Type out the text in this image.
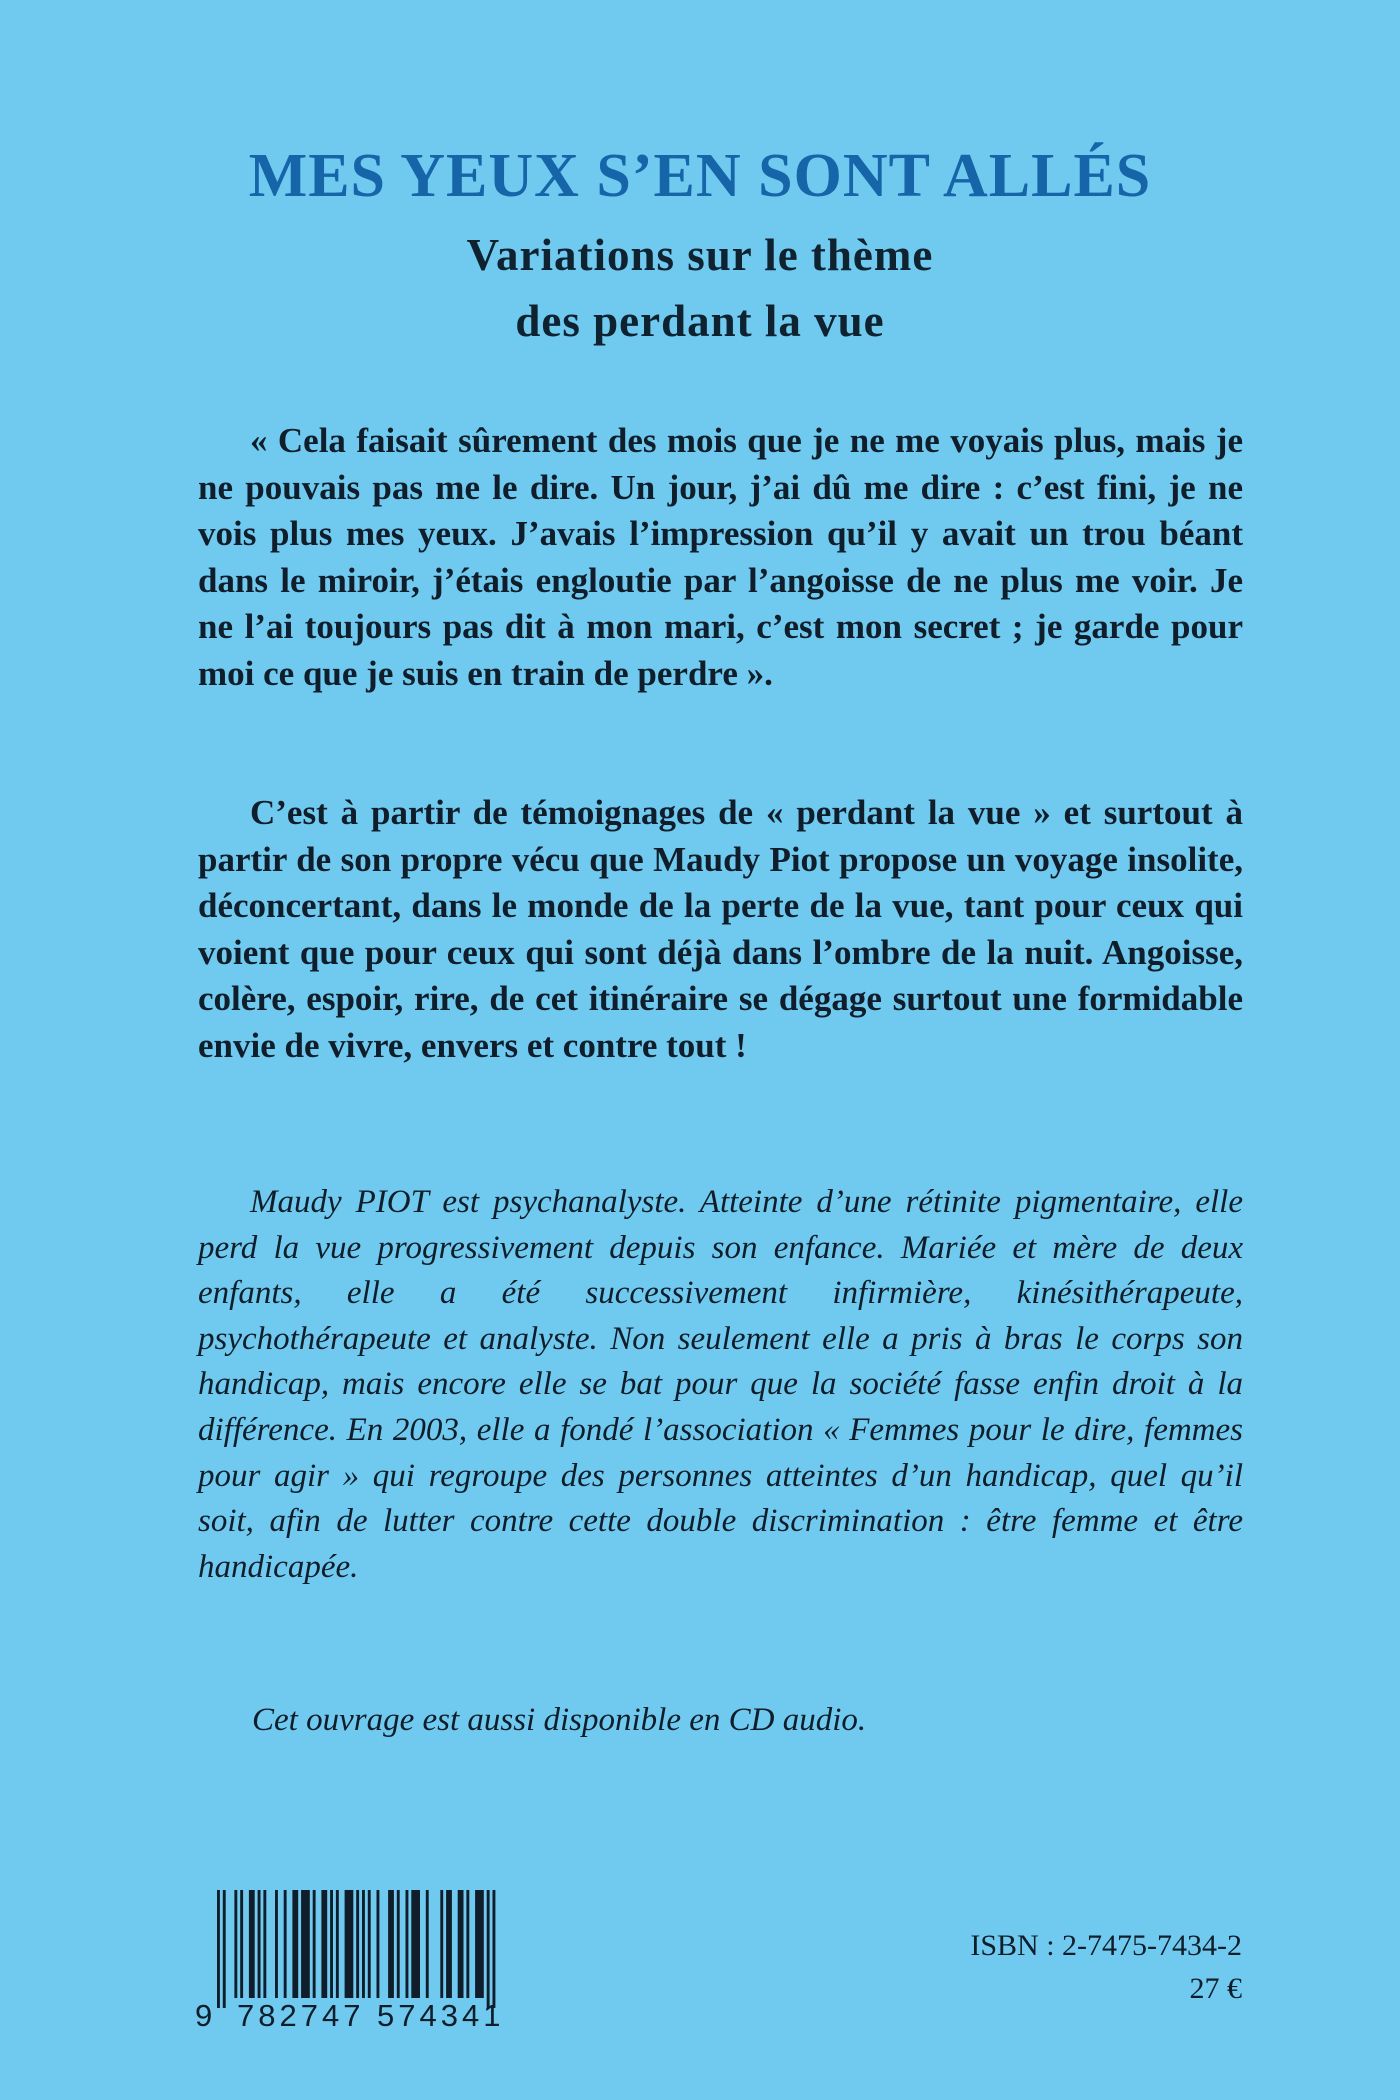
MES YEUX S’EN SONT ALLÉS
Variations sur le thème
des perdant la vue

« Cela faisait sûrement des mois que je ne me voyais plus, mais je ne pouvais pas me le dire. Un jour, j’ai dû me dire : c’est fini, je ne vois plus mes yeux. J’avais l’impression qu’il y avait un trou béant dans le miroir, j’étais engloutie par l’angoisse de ne plus me voir. Je ne l’ai toujours pas dit à mon mari, c’est mon secret ; je garde pour moi ce que je suis en train de perdre ».

C’est à partir de témoignages de « perdant la vue » et surtout à partir de son propre vécu que Maudy Piot propose un voyage insolite, déconcertant, dans le monde de la perte de la vue, tant pour ceux qui voient que pour ceux qui sont déjà dans l’ombre de la nuit. Angoisse, colère, espoir, rire, de cet itinéraire se dégage surtout une formidable envie de vivre, envers et contre tout !

Maudy PIOT est psychanalyste. Atteinte d’une rétinite pigmentaire, elle perd la vue progressivement depuis son enfance. Mariée et mère de deux enfants, elle a été successivement infirmière, kinésithérapeute, psychothérapeute et analyste. Non seulement elle a pris à bras le corps son handicap, mais encore elle se bat pour que la société fasse enfin droit à la différence. En 2003, elle a fondé l’association « Femmes pour le dire, femmes pour agir » qui regroupe des personnes atteintes d’un handicap, quel qu’il soit, afin de lutter contre cette double discrimination : être femme et être handicapée.

Cet ouvrage est aussi disponible en CD audio.

9 782747 574341

ISBN : 2-7475-7434-2

27 €
